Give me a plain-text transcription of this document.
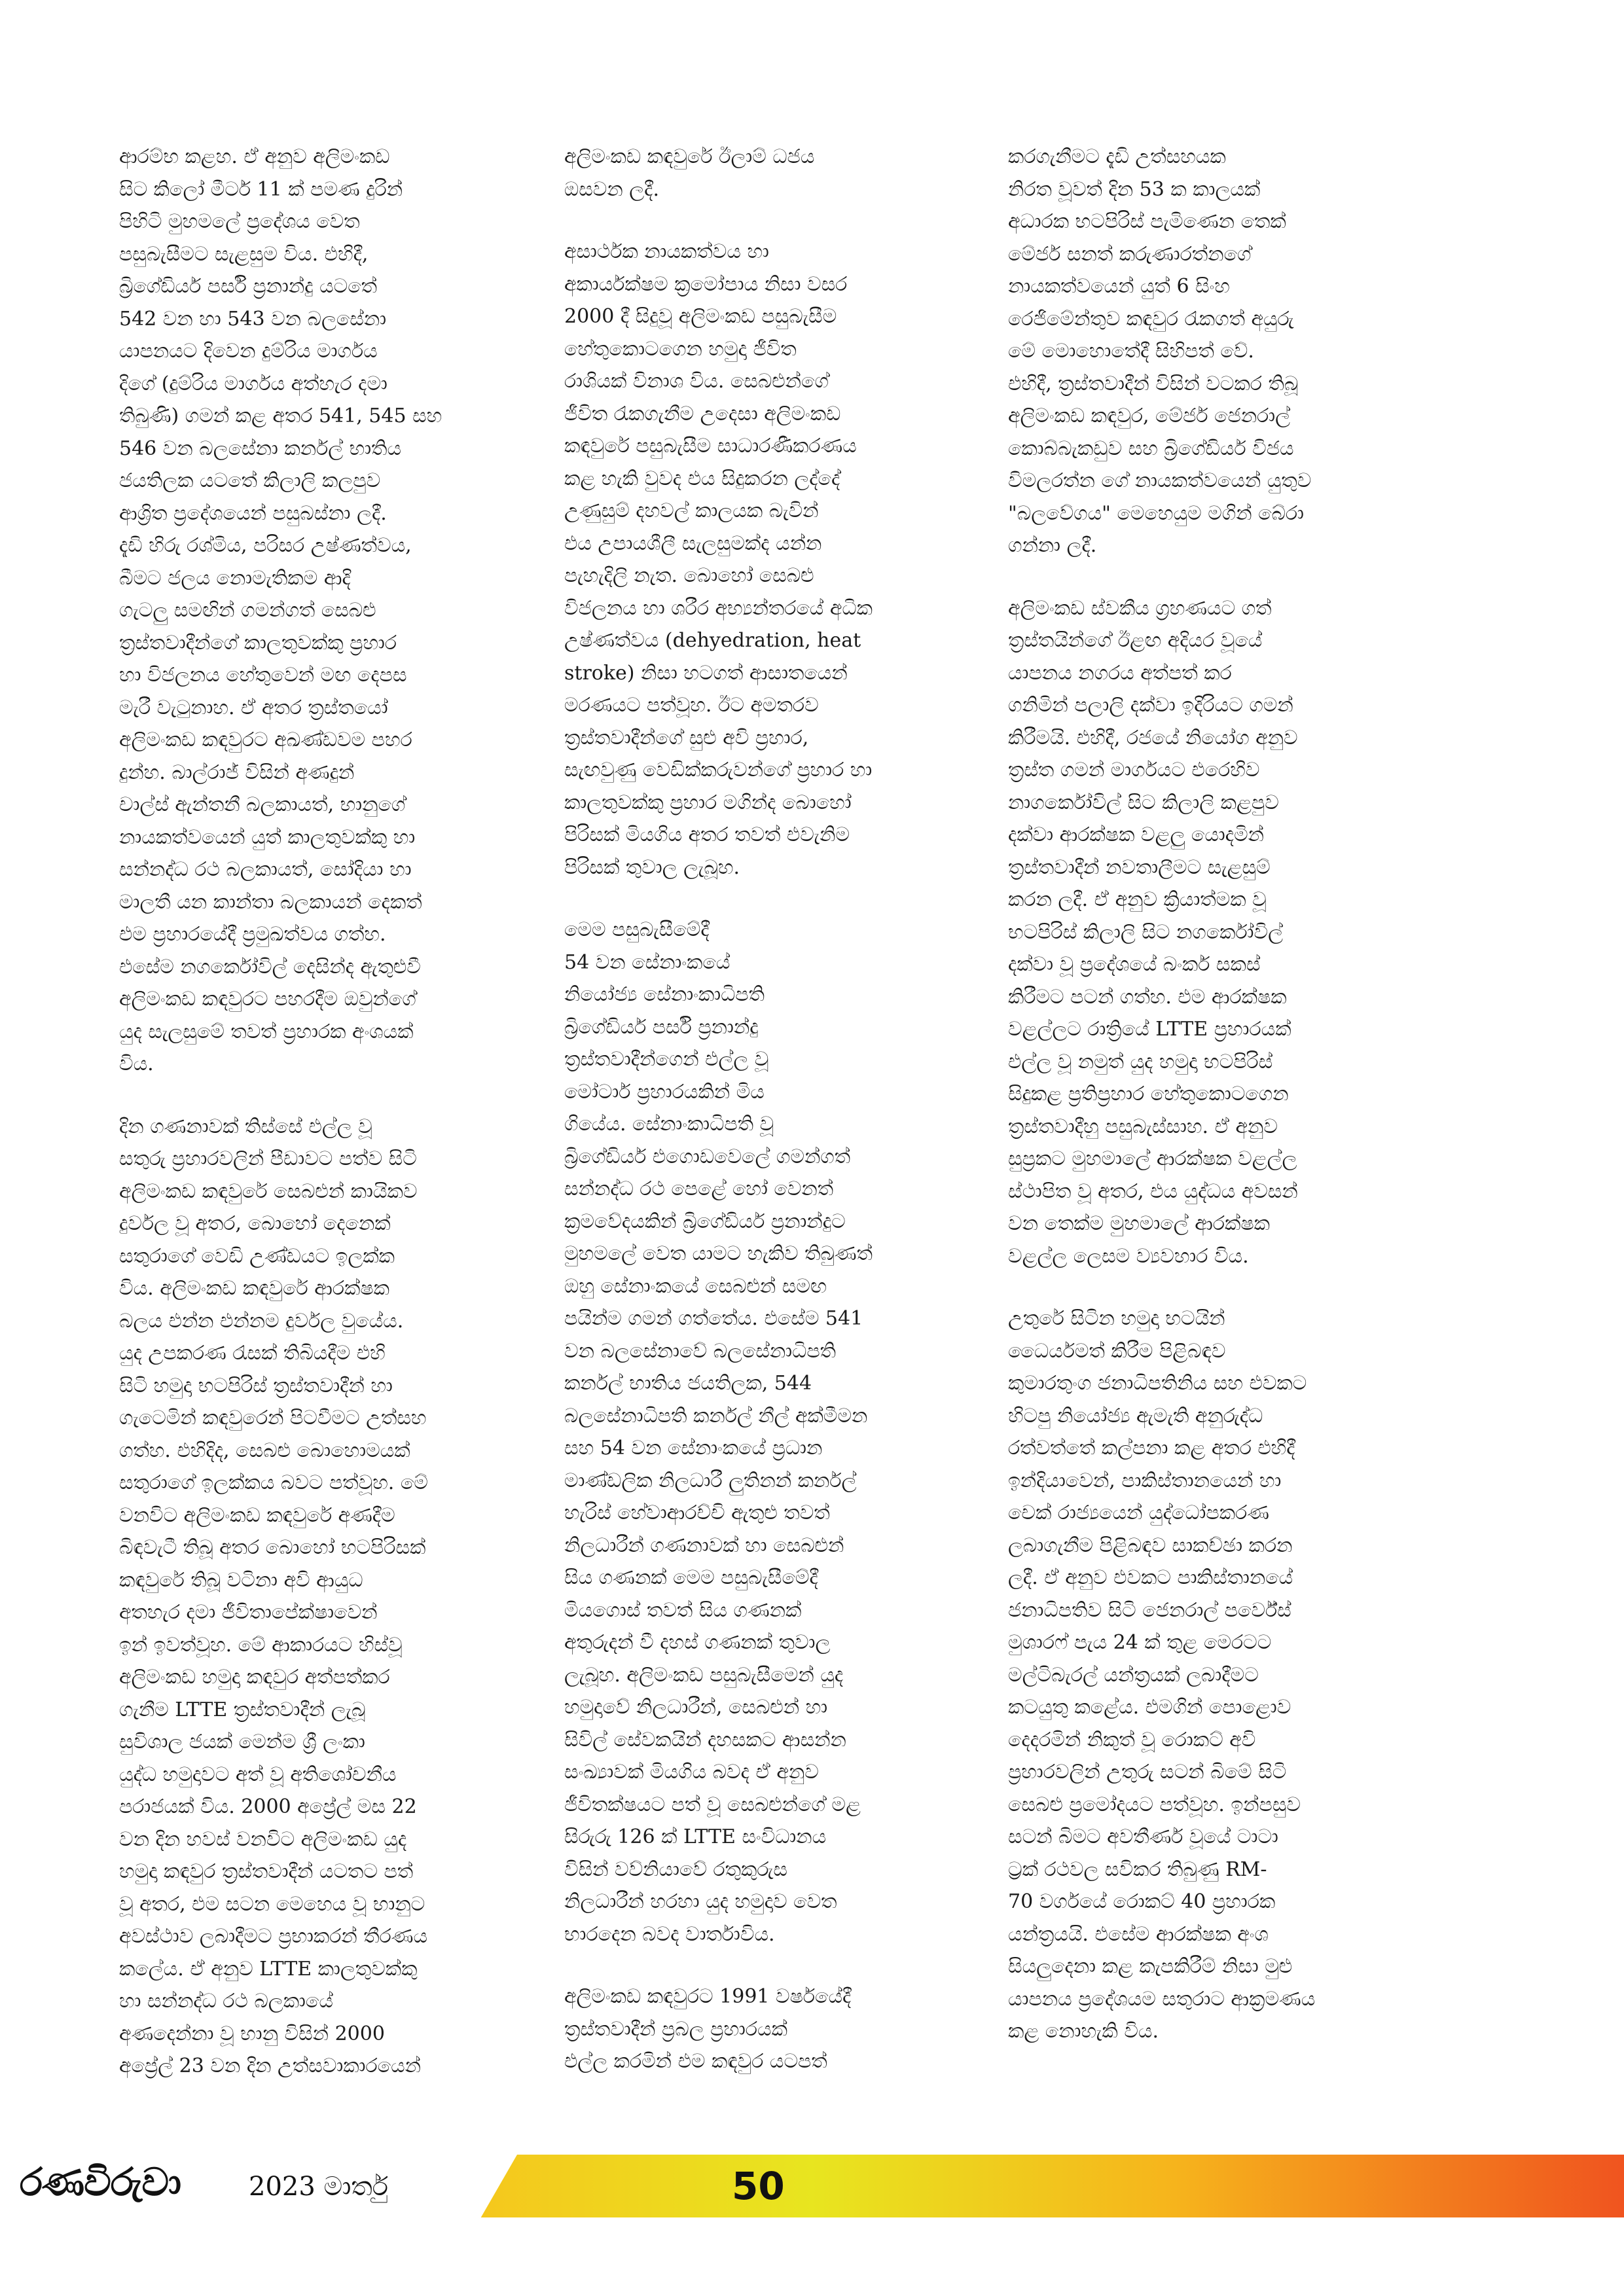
ආරම්භ කළහ. ඒ අනුව අලිමංකඩ
සිට කිලෝ මීටර් 11 ක් පමණ දුරින්
පිහිටි මුහමලේ ප්‍රදේශය වෙත
පසුබැසීමට සැළසුම විය. එහිදී,
බ්‍රිගේඩියර් පර්සි ප්‍රනාන්දු යටතේ
542 වන හා 543 වන බලසේනා
යාපනයට දිවෙන දුම්රිය මාර්ගය
දිගේ (දුම්රිය මාර්ගය අත්හැර දමා
තිබුණි) ගමන් කළ අතර 541, 545 සහ
546 වන බලසේනා කර්නල් භාතිය
ජයතිලක යටතේ කිලාලි කලපුව
ආශ්‍රිත ප්‍රදේශයෙන් පසුබස්නා ලදී.
දැඩි හිරු රශ්මිය, පරිසර උෂ්ණත්වය,
බීමට ජලය නොමැතිකම ආදි
ගැටලු සමඟින් ගමන්ගත් සෙබළු
ත්‍රස්තවාදීන්ගේ කාලතුවක්කු ප්‍රහාර
හා විජලනය හේතුවෙන් මඟ දෙපස
මැරී වැටුනාහ. ඒ අතර ත්‍රස්තයෝ
අලිමංකඩ කඳවුරට අඛණ්ඩවම පහර
දුන්හ. බාල්රාජ් විසින් අණදුන්
චාල්ස් ඇන්තනී බලකායත්, භානුගේ
නායකත්වයෙන් යුත් කාලතුවක්කු හා
සන්නද්ධ රථ බලකායත්, සෝදියා හා
මාලතී යන කාන්තා බලකායන් දෙකත්
එම ප්‍රහාරයේදී ප්‍රමුඛත්වය ගත්හ.
එසේම නගර්කෝවිල් දෙසින්ද ඇතුළුවී
අලිමංකඩ කඳවුරට පහරදීම ඔවුන්ගේ
යුද සැලසුමේ තවත් ප්‍රහාරක අංශයක්
විය.

දින ගණනාවක් තිස්සේ එල්ල වූ
සතුරු ප්‍රහාරවලින් පීඩාවට පත්ව සිටි
අලිමංකඩ කඳවුරේ සෙබළුන් කායිකව
දුර්වල වූ අතර, බොහෝ දෙනෙක්
සතුරාගේ වෙඩි උණ්ඩයට ඉලක්ක
විය. අලිමංකඩ කඳවුරේ ආරක්ෂක
බලය එන්න එන්නම දුර්වල වුයේය.
යුද උපකරණ රැසක් තිබියදීම එහි
සිටි හමුදා භටපිරිස් ත්‍රස්තවාදීන් හා
ගැටෙමින් කඳවුරෙන් පිටවීමට උත්සහ
ගත්හ. එහිදිද, සෙබළු බොහොමයක්
සතුරාගේ ඉලක්කය බවට පත්වූහ. මේ
වනවිට අලිමංකඩ කඳවුරේ අණදීම
බිඳවැටී තිබූ අතර බොහෝ භටපිරිසක්
කඳවුරේ තිබූ වටිනා අවි ආයුධ
අතහැර දමා ජීවිතාපේක්ෂාවෙන්
ඉන් ඉවත්වූහ. මේ ආකාරයට හිස්වූ
අලිමංකඩ හමුදා කඳවුර අත්පත්කර
ගැනීම LTTE ත්‍රස්තවාදීන් ලැබූ
සුවිශාල ජයක් මෙන්ම ශ්‍රී ලංකා
යුද්ධ හමුදාවට අත් වූ අතිශෝචනීය
පරාජයක් විය. 2000 අප්‍රේල් මස 22
වන දින හවස් වනවිට අලිමංකඩ යුද
හමුදා කඳවුර ත්‍රස්තවාදීන් යටතට පත්
වූ අතර, එම සටන මෙහෙය වූ භානුට
අවස්ථාව ලබාදීමට ප්‍රභාකරන් තීරණය
කලේය. ඒ අනුව LTTE කාලතුවක්කු
හා සන්නද්ධ රථ බලකායේ
අණදෙන්නා වූ භානු විසින් 2000
අප්‍රේල් 23 වන දින උත්සවාකාරයෙන්

අලිමංකඩ කඳවුරේ ඊලාම් ධජය
ඔසවන ලදී.

අසාර්ථක නායකත්වය හා
අකාර්යක්ෂම ක්‍රමෝපාය නිසා වසර
2000 දී සිදුවූ අලිමංකඩ පසුබැසීම
හේතුකොටගෙන හමුදා ජීවිත
රාශියක් විනාශ විය. සෙබළුන්ගේ
ජීවිත රැකගැනීම උදෙසා අලිමංකඩ
කඳවුරේ පසුබැසීම සාධාරණීකරණය
කළ හැකි වුවද එය සිදුකරන ලද්දේ
උණුසුම් දහවල් කාලයක බැවින්
එය උපායශීලී සැලසුමක්ද යන්න
පැහැදිලි නැත. බොහෝ සෙබළු
විජලනය හා ශරීර අභ්‍යන්තරයේ අධික
උෂ්ණත්වය (dehyedration, heat
stroke) නිසා හටගත් ආසාතයෙන්
මරණයට පත්වූහ. ඊට අමතරව
ත්‍රස්තවාදීන්ගේ සුළු අවි ප්‍රහාර,
සැඟවුණු වෙඩික්කරුවන්ගේ ප්‍රහාර හා
කාලතුවක්කු ප්‍රහාර මගින්ද බොහෝ
පිරිසක් මියගිය අතර තවත් එවැනිම
පිරිසක් තුවාල ලැබූහ.

මෙම පසුබැසීමේදී
54 වන සේනාංකයේ
නියෝජ්‍ය සේනාංකාධිපති
බ්‍රිගේඩියර් පර්සි ප්‍රනාන්දු
ත්‍රස්තවාදීන්ගෙන් එල්ල වූ
මෝටාර් ප්‍රහාරයකින් මිය
ගියේය. සේනාංකාධිපති වූ
බ්‍රිගේඩියර් එගොඩවෙලේ ගමන්ගත්
සන්නද්ධ රථ පෙළේ හෝ වෙනත්
ක්‍රමවේදයකින් බ්‍රිගේඩියර් ප්‍රනාන්දුට
මුහමලේ වෙත යාමට හැකිව තිබුණත්
ඔහු සේනාංකයේ සෙබළුන් සමඟ
පයින්ම ගමන් ගත්තේය. එසේම 541
වන බලසේනාවේ බලසේනාධිපති
කර්නල් භාතිය ජයතිලක, 544
බලසේනාධිපති කර්නල් නීල් අක්මීමන
සහ 54 වන සේනාංකයේ ප්‍රධාන
මාණ්ඩලික නිලධාරී ලුතිනන් කර්නල්
හැරිස් හේවාආරච්චි ඇතුළු තවත්
නිලධාරීන් ගණනාවක් හා සෙබළුන්
සිය ගණනක් මෙම පසුබැසීමේදී
මියගොස් තවත් සිය ගණනක්
අතුරුදන් වී දහස් ගණනක් තුවාල
ලැබූහ. අලිමංකඩ පසුබැසීමෙන් යුද
හමුදාවේ නිලධාරීන්, සෙබළුන් හා
සිවිල් සේවකයින් දහසකට ආසන්න
සංඛ්‍යාවක් මියගිය බවද ඒ අනුව
ජීවිතක්ෂයට පත් වූ සෙබළුන්ගේ මළ
සිරුරු 126 ක් LTTE සංවිධානය
විසින් වව්නියාවේ රතුකුරුස
නිලධාරීන් හරහා යුද හමුදාව වෙත
භාරදෙන බවද වාර්තාවිය.

අලිමංකඩ කඳවුරට 1991 වර්ෂයේදී
ත්‍රස්තවාදීන් ප්‍රබල ප්‍රහාරයක්
එල්ල කරමින් එම කඳවුර යටපත්

කරගැනීමට දැඩි උත්සහයක
නිරත වූවත් දින 53 ක කාලයක්
අධාරක භටපිරිස් පැමිණෙන තෙක්
මේජර් සනත් කරුණාරත්නගේ
නායකත්වයෙන් යුත් 6 සිංහ
රෙජිමේන්තුව කඳවුර රැකගත් අයුරු
මේ මොහොතේදී සිහිපත් වේ.
එහිදී, ත්‍රස්තවාදීන් විසින් වටකර තිබූ
අලිමංකඩ කඳවුර, මේජර් ජෙනරාල්
කොබ්බැකඩුව සහ බ්‍රිගේඩියර් විජය
විමලරත්න ගේ නායකත්වයෙන් යුතුව
"බලවේගය" මෙහෙයුම මගින් බේරා
ගන්නා ලදී.

අලිමංකඩ ස්වකීය ග්‍රහණයට ගත්
ත්‍රස්තයින්ගේ ඊළඟ අදියර වූයේ
යාපනය නගරය අත්පත් කර
ගනිමින් පලාලි දක්වා ඉදිරියට ගමන්
කිරීමයි. එහිදී, රජයේ නියෝග අනුව
ත්‍රස්ත ගමන් මාර්ගයට එරෙහිව
නාගර්කෝවිල් සිට කිලාලි කළපුව
දක්වා ආරක්ෂක වළලු යොදමින්
ත්‍රස්තවාදීන් නවතාලීමට සැළසුම්
කරන ලදී. ඒ අනුව ක්‍රියාත්මක වූ
භටපිරිස් කිලාලි සිට නගර්කෝවිල්
දක්වා වූ ප්‍රදේශයේ බංකර් සකස්
කිරීමට පටන් ගත්හ. එම ආරක්ෂක
වළල්ලට රාත්‍රියේ LTTE ප්‍රහාරයක්
එල්ල වූ නමුත් යුද හමුදා භටපිරිස්
සිදුකළ ප්‍රතිප්‍රහාර හේතුකොටගෙන
ත්‍රස්තවාදීහු පසුබැස්සාහ. ඒ අනුව
සුප්‍රකට මුහමාලේ ආරක්ෂක වළල්ල
ස්ථාපිත වූ අතර, එය යුද්ධය අවසන්
වන තෙක්ම මුහමාලේ ආරක්ෂක
වළල්ල ලෙසම ව්‍යවහාර විය.

උතුරේ සිටින හමුදා භටයින්
ධෛර්යමත් කිරීම පිළිබඳව
කුමාරතුංග ජනාධිපතිනිය සහ එවකට
හිටපු නියෝජ්‍ය ඇමැති අනුරුද්ධ
රත්වත්තේ කල්පනා කළ අතර එහිදී
ඉන්දියාවෙන්, පාකිස්තානයෙන් හා
චෙක් රාජ්‍යයෙන් යුද්ධෝපකරණ
ලබාගැනීම පිළිබඳව සාකච්ඡා කරන
ලදී. ඒ අනුව එවකට පාකිස්තානයේ
ජනාධිපතිව සිටි ජෙනරාල් පර්වේස්
මුශාරෆ් පැය 24 ක් තුළ මෙරටට
මල්ටිබැරල් යන්ත්‍රයක් ලබාදීමට
කටයුතු කළේය. එමගින් පොළොව
දෙදරමින් නිකුත් වූ රොකට් අවි
ප්‍රහාරවලින් උතුරු සටන් බිමේ සිටි
සෙබළු ප්‍රමෝදයට පත්වූහ. ඉන්පසුව
සටන් බිමට අවතීර්ණ වූයේ ටාටා
ට්‍රක් රථවල සවිකර තිබුණු RM-
70 වර්ගයේ රොකට් 40 ප්‍රහාරක
යන්ත්‍රයයි. එසේම ආරක්ෂක අංශ
සියලුදෙනා කළ කැපකිරීම් නිසා මුළු
යාපනය ප්‍රදේශයම සතුරාට ආක්‍රමණය
කළ නොහැකි විය.

රණවිරුවා	2023 මාර්තු	50
